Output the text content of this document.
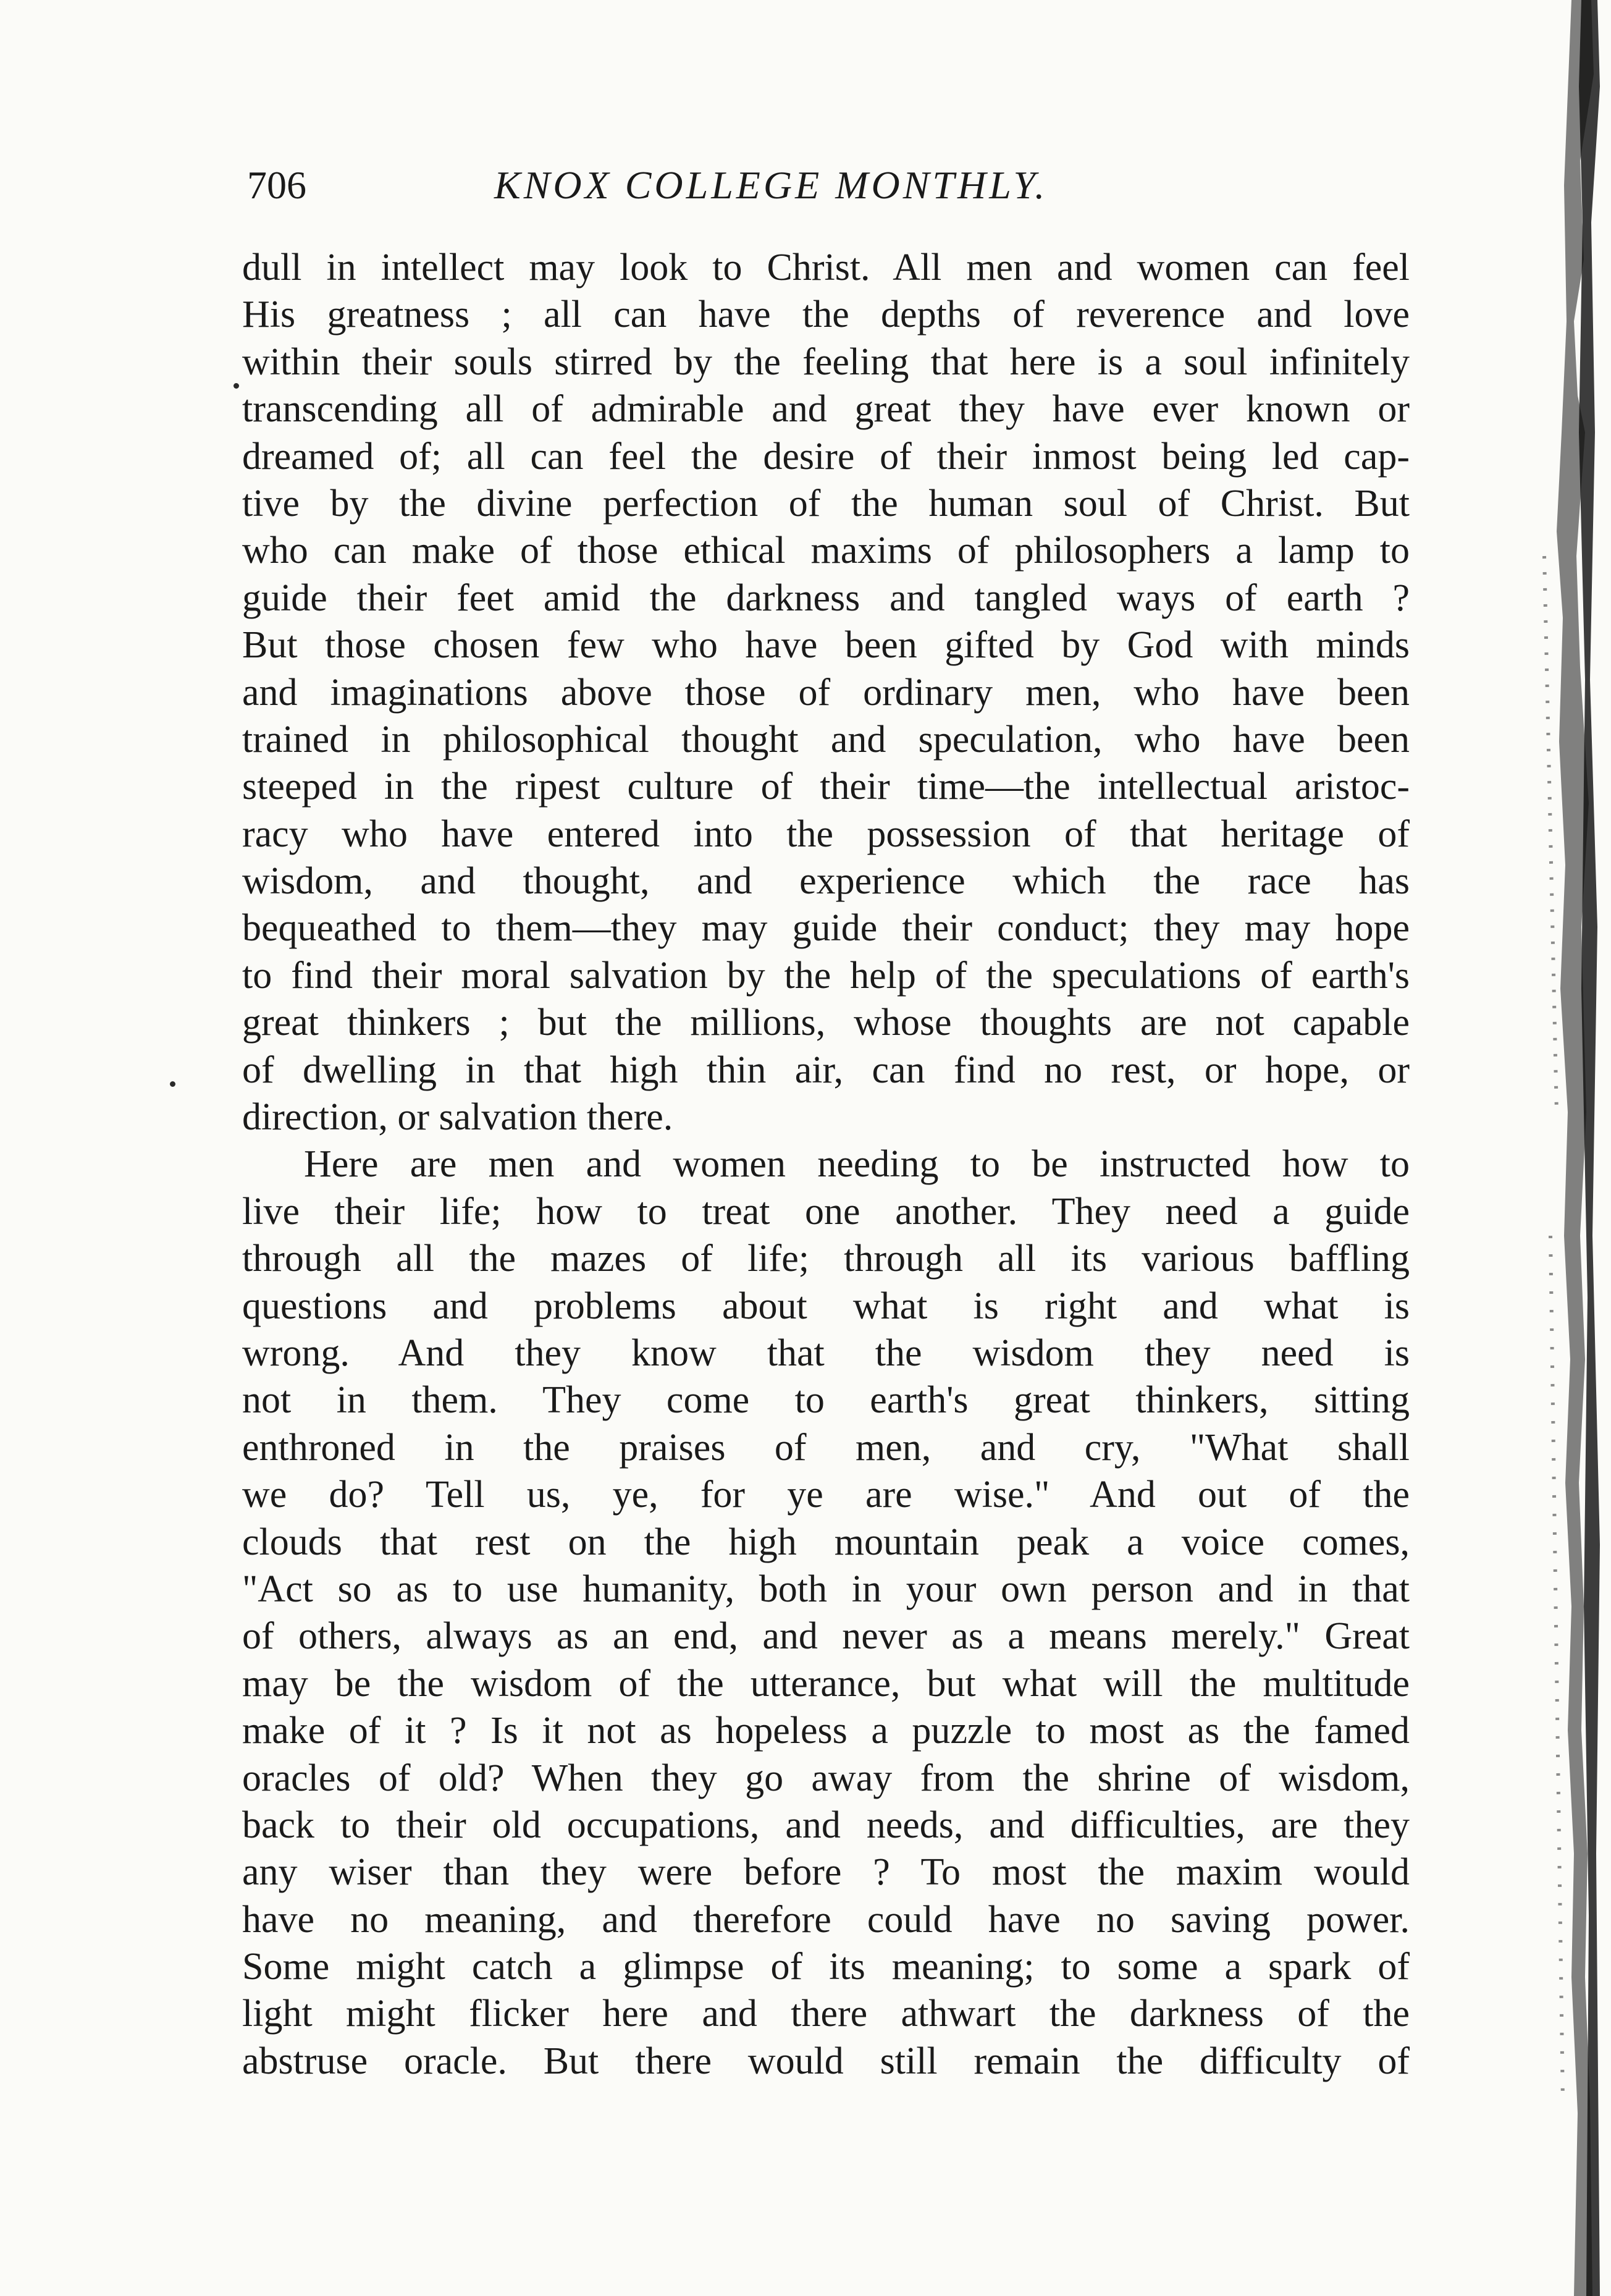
706	KNOX COLLEGE MONTHLY.
dull in intellect may look to Christ. All men and women can feel
His greatness ; all can have the depths of reverence and love
within their souls stirred by the feeling that here is a soul infinitely
transcending all of admirable and great they have ever known or
dreamed of; all can feel the desire of their inmost being led cap-
tive by the divine perfection of the human soul of Christ. But
who can make of those ethical maxims of philosophers a lamp to
guide their feet amid the darkness and tangled ways of earth ?
But those chosen few who have been gifted by God with minds
and imaginations above those of ordinary men, who have been
trained in philosophical thought and speculation, who have been
steeped in the ripest culture of their time—the intellectual aristoc-
racy who have entered into the possession of that heritage of
wisdom, and thought, and experience which the race has
bequeathed to them—they may guide their conduct; they may hope
to find their moral salvation by the help of the speculations of earth's
great thinkers ; but the millions, whose thoughts are not capable
of dwelling in that high thin air, can find no rest, or hope, or
direction, or salvation there.
Here are men and women needing to be instructed how to
live their life; how to treat one another. They need a guide
through all the mazes of life; through all its various baffling
questions and problems about what is right and what is
wrong. And they know that the wisdom they need is
not in them. They come to earth's great thinkers, sitting
enthroned in the praises of men, and cry, "What shall
we do? Tell us, ye, for ye are wise." And out of the
clouds that rest on the high mountain peak a voice comes,
"Act so as to use humanity, both in your own person and in that
of others, always as an end, and never as a means merely." Great
may be the wisdom of the utterance, but what will the multitude
make of it ? Is it not as hopeless a puzzle to most as the famed
oracles of old? When they go away from the shrine of wisdom,
back to their old occupations, and needs, and difficulties, are they
any wiser than they were before ? To most the maxim would
have no meaning, and therefore could have no saving power.
Some might catch a glimpse of its meaning; to some a spark of
light might flicker here and there athwart the darkness of the
abstruse oracle. But there would still remain the difficulty of
